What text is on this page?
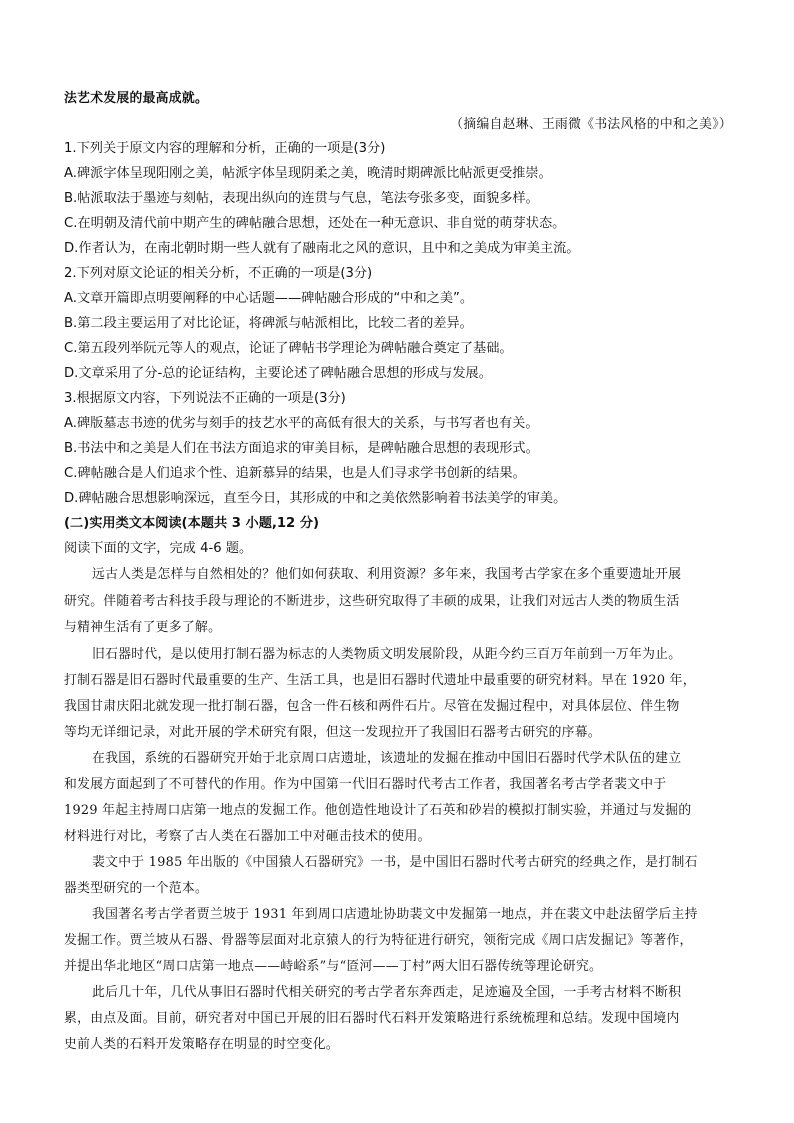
法艺术发展的最高成就。
（摘编自赵琳、王雨微《书法风格的中和之美》）
1.下列关于原文内容的理解和分析，正确的一项是(3分)
A.碑派字体呈现阳刚之美，帖派字体呈现阴柔之美，晚清时期碑派比帖派更受推崇。
B.帖派取法于墨迹与刻帖，表现出纵向的连贯与气息，笔法夸张多变，面貌多样。
C.在明朝及清代前中期产生的碑帖融合思想，还处在一种无意识、非自觉的萌芽状态。
D.作者认为，在南北朝时期一些人就有了融南北之风的意识，且中和之美成为审美主流。
2.下列对原文论证的相关分析，不正确的一项是(3分)
A.文章开篇即点明要阐释的中心话题——碑帖融合形成的“中和之美”。
B.第二段主要运用了对比论证，将碑派与帖派相比，比较二者的差异。
C.第五段列举阮元等人的观点，论证了碑帖书学理论为碑帖融合奠定了基础。
D.文章采用了分-总的论证结构，主要论述了碑帖融合思想的形成与发展。
3.根据原文内容，下列说法不正确的一项是(3分)
A.碑版墓志书迹的优劣与刻手的技艺水平的高低有很大的关系，与书写者也有关。
B.书法中和之美是人们在书法方面追求的审美目标，是碑帖融合思想的表现形式。
C.碑帖融合是人们追求个性、追新慕异的结果，也是人们寻求学书创新的结果。
D.碑帖融合思想影响深远，直至今日，其形成的中和之美依然影响着书法美学的审美。
(二)实用类文本阅读(本题共 3 小题,12 分)
阅读下面的文字，完成 4-6 题。
远古人类是怎样与自然相处的？他们如何获取、利用资源？多年来，我国考古学家在多个重要遗址开展
研究。伴随着考古科技手段与理论的不断进步，这些研究取得了丰硕的成果，让我们对远古人类的物质生活
与精神生活有了更多了解。
旧石器时代，是以使用打制石器为标志的人类物质文明发展阶段，从距今约三百万年前到一万年为止。
打制石器是旧石器时代最重要的生产、生活工具，也是旧石器时代遗址中最重要的研究材料。早在 1920 年，
我国甘肃庆阳北就发现一批打制石器，包含一件石核和两件石片。尽管在发掘过程中，对具体层位、伴生物
等均无详细记录，对此开展的学术研究有限，但这一发现拉开了我国旧石器考古研究的序幕。
在我国，系统的石器研究开始于北京周口店遗址，该遗址的发掘在推动中国旧石器时代学术队伍的建立
和发展方面起到了不可替代的作用。作为中国第一代旧石器时代考古工作者，我国著名考古学者裴文中于
1929 年起主持周口店第一地点的发掘工作。他创造性地设计了石英和砂岩的模拟打制实验，并通过与发掘的
材料进行对比，考察了古人类在石器加工中对砸击技术的使用。
裴文中于 1985 年出版的《中国猿人石器研究》一书，是中国旧石器时代考古研究的经典之作，是打制石
器类型研究的一个范本。
我国著名考古学者贾兰坡于 1931 年到周口店遗址协助裴文中发掘第一地点，并在裴文中赴法留学后主持
发掘工作。贾兰坡从石器、骨器等层面对北京猿人的行为特征进行研究，领衔完成《周口店发掘记》等著作，
并提出华北地区“周口店第一地点——峙峪系”与“匼河——丁村”两大旧石器传统等理论研究。
此后几十年，几代从事旧石器时代相关研究的考古学者东奔西走，足迹遍及全国，一手考古材料不断积
累，由点及面。目前，研究者对中国已开展的旧石器时代石料开发策略进行系统梳理和总结。发现中国境内
史前人类的石料开发策略存在明显的时空变化。
